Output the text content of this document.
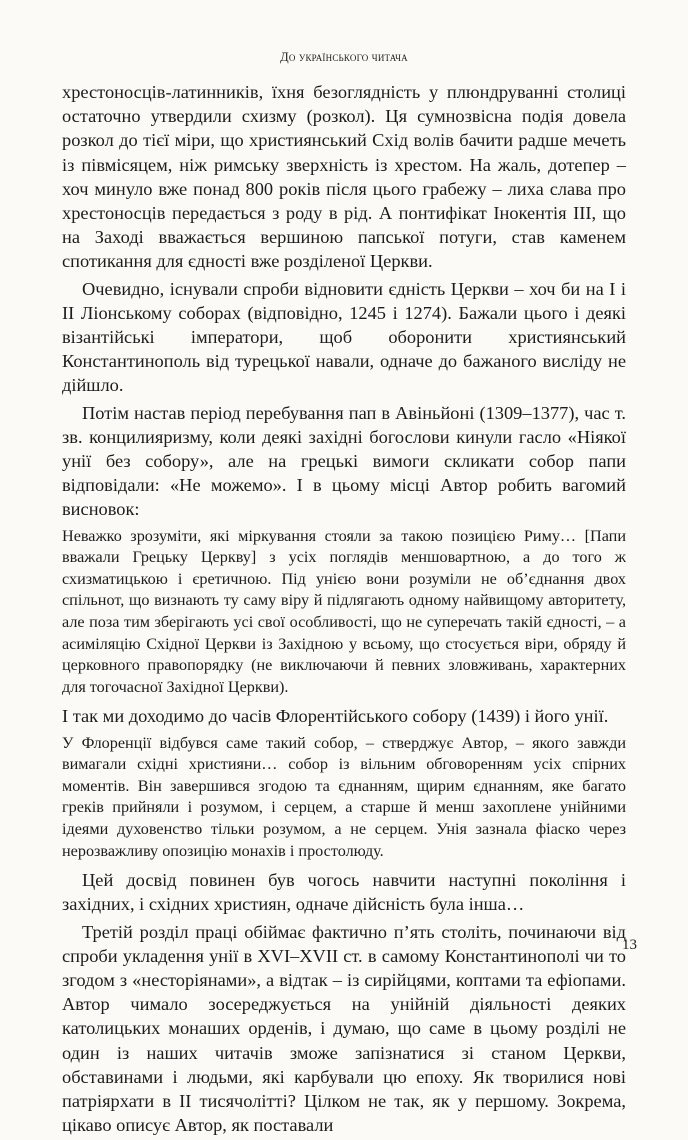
До українського читача

хрестоносців-латинників, їхня безоглядність у плюндруванні столиці остаточно утвердили схизму (розкол). Ця сумнозвісна подія довела розкол до тієї міри, що християнський Схід волів бачити радше мечеть із півмісяцем, ніж римську зверхність із хрестом. На жаль, дотепер – хоч минуло вже понад 800 років після цього грабежу – лиха слава про хрестоносців передається з роду в рід. А понтифікат Інокентія III, що на Заході вважається вершиною папської потуги, став каменем спотикання для єдності вже розділеної Церкви.

Очевидно, існували спроби відновити єдність Церкви – хоч би на I і II Ліонському соборах (відповідно, 1245 і 1274). Бажали цього і деякі візантійські імператори, щоб оборонити християнський Константинополь від турецької навали, одначе до бажаного висліду не дійшло.

Потім настав період перебування пап в Авіньйоні (1309–1377), час т. зв. концилияризму, коли деякі західні богослови кинули гасло «Ніякої унії без собору», але на грецькі вимоги скликати собор папи відповідали: «Не можемо». І в цьому місці Автор робить вагомий висновок:

Неважко зрозуміти, які міркування стояли за такою позицією Риму… [Папи вважали Грецьку Церкву] з усіх поглядів меншовартною, а до того ж схизматицькою і єретичною. Під унією вони розуміли не об’єднання двох спільнот, що визнають ту саму віру й підлягають одному найвищому авторитету, але поза тим зберігають усі свої особливості, що не суперечать такій єдності, – а асиміляцію Східної Церкви із Західною у всьому, що стосується віри, обряду й церковного правопорядку (не виключаючи й певних зловживань, характерних для тогочасної Західної Церкви).

І так ми доходимо до часів Флорентійського собору (1439) і його унії.

У Флоренції відбувся саме такий собор, – стверджує Автор, – якого завжди вимагали східні християни… собор із вільним обговоренням усіх спірних моментів. Він завершився згодою та єднанням, щирим єднанням, яке багато греків прийняли і розумом, і серцем, а старше й менш захоплене унійними ідеями духовенство тільки розумом, а не серцем. Унія зазнала фіаско через нерозважливу опозицію монахів і простолюду.

Цей досвід повинен був чогось навчити наступні покоління і західних, і східних християн, одначе дійсність була інша…

Третій розділ праці обіймає фактично п’ять століть, починаючи від спроби укладення унії в XVI–XVII ст. в самому Константинополі чи то згодом з «несторіянами», а відтак – із сирійцями, коптами та ефіопами. Автор чимало зосереджується на унійній діяльності деяких католицьких монаших орденів, і думаю, що саме в цьому розділі не один із наших читачів зможе запізнатися зі станом Церкви, обставинами і людьми, які карбували цю епоху. Як творилися нові патріярхати в II тисячолітті? Цілком не так, як у першому. Зокрема, цікаво описує Автор, як поставали

13
